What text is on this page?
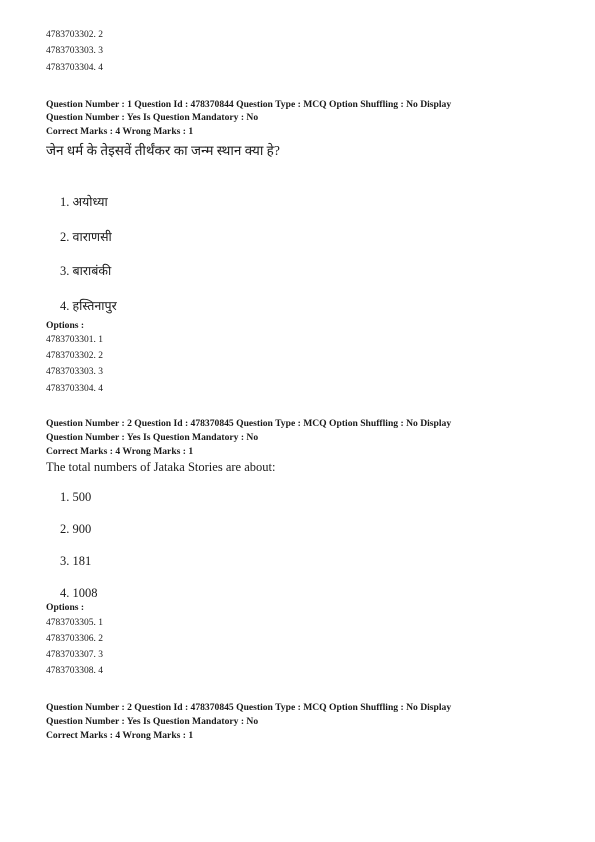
4783703302. 2
4783703303. 3
4783703304. 4
Question Number : 1 Question Id : 478370844 Question Type : MCQ Option Shuffling : No Display
Question Number : Yes Is Question Mandatory : No
Correct Marks : 4 Wrong Marks : 1
जेन धर्म के तेइसवें तीर्थंकर का जन्म स्थान क्या हे?
1. अयोध्या
2. वाराणसी
3. बाराबंकी
4. हस्तिनापुर
Options :
4783703301. 1
4783703302. 2
4783703303. 3
4783703304. 4
Question Number : 2 Question Id : 478370845 Question Type : MCQ Option Shuffling : No Display
Question Number : Yes Is Question Mandatory : No
Correct Marks : 4 Wrong Marks : 1
The total numbers of Jataka Stories are about:
1. 500
2. 900
3. 181
4. 1008
Options :
4783703305. 1
4783703306. 2
4783703307. 3
4783703308. 4
Question Number : 2 Question Id : 478370845 Question Type : MCQ Option Shuffling : No Display
Question Number : Yes Is Question Mandatory : No
Correct Marks : 4 Wrong Marks : 1
